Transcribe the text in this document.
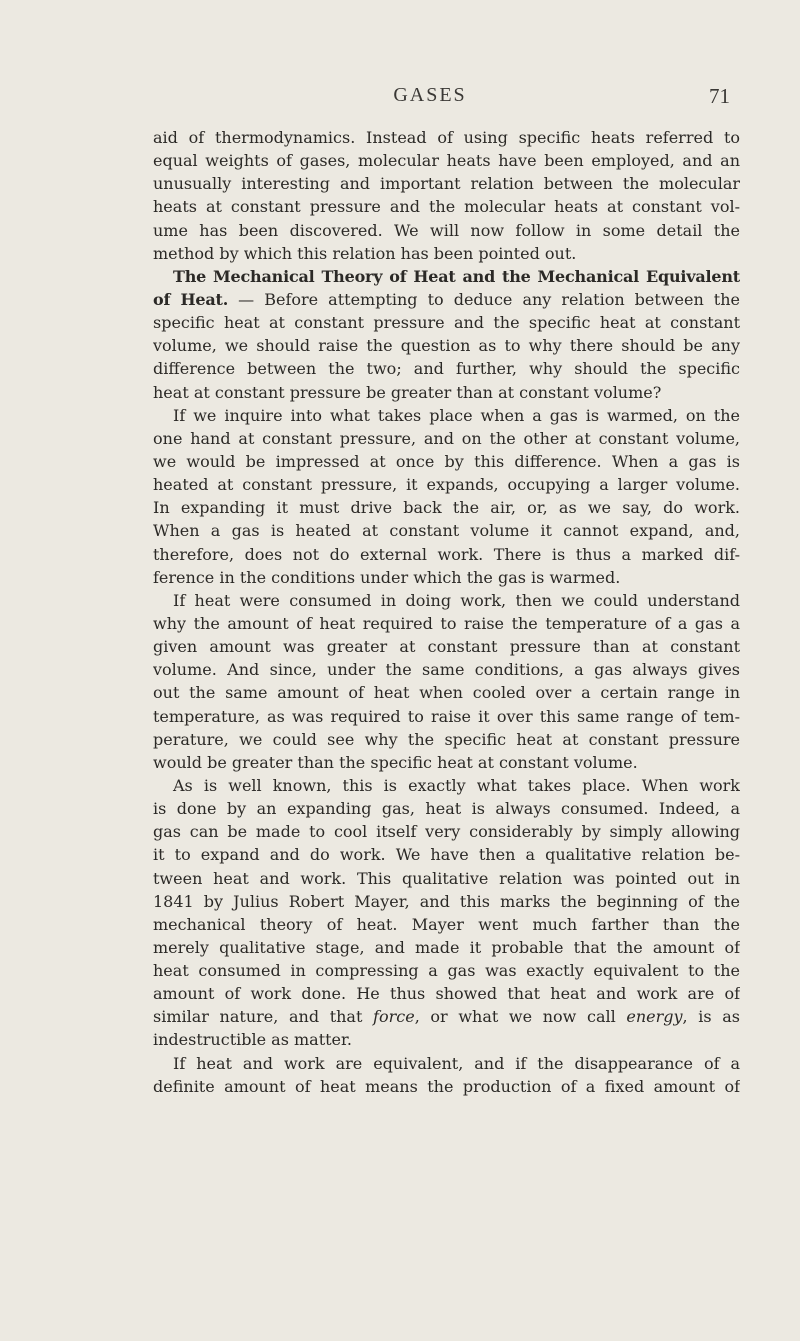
GASES	71
aid of thermodynamics. Instead of using specific heats referred to
equal weights of gases, molecular heats have been employed, and an
unusually interesting and important relation between the molecular
heats at constant pressure and the molecular heats at constant vol-
ume has been discovered. We will now follow in some detail the
method by which this relation has been pointed out.
The Mechanical Theory of Heat and the Mechanical Equivalent
of Heat. — Before attempting to deduce any relation between the
specific heat at constant pressure and the specific heat at constant
volume, we should raise the question as to why there should be any
difference between the two; and further, why should the specific
heat at constant pressure be greater than at constant volume?
If we inquire into what takes place when a gas is warmed, on the
one hand at constant pressure, and on the other at constant volume,
we would be impressed at once by this difference. When a gas is
heated at constant pressure, it expands, occupying a larger volume.
In expanding it must drive back the air, or, as we say, do work.
When a gas is heated at constant volume it cannot expand, and,
therefore, does not do external work. There is thus a marked dif-
ference in the conditions under which the gas is warmed.
If heat were consumed in doing work, then we could understand
why the amount of heat required to raise the temperature of a gas a
given amount was greater at constant pressure than at constant
volume. And since, under the same conditions, a gas always gives
out the same amount of heat when cooled over a certain range in
temperature, as was required to raise it over this same range of tem-
perature, we could see why the specific heat at constant pressure
would be greater than the specific heat at constant volume.
As is well known, this is exactly what takes place. When work
is done by an expanding gas, heat is always consumed. Indeed, a
gas can be made to cool itself very considerably by simply allowing
it to expand and do work. We have then a qualitative relation be-
tween heat and work. This qualitative relation was pointed out in
1841 by Julius Robert Mayer, and this marks the beginning of the
mechanical theory of heat. Mayer went much farther than the
merely qualitative stage, and made it probable that the amount of
heat consumed in compressing a gas was exactly equivalent to the
amount of work done. He thus showed that heat and work are of
similar nature, and that force, or what we now call energy, is as
indestructible as matter.
If heat and work are equivalent, and if the disappearance of a
definite amount of heat means the production of a fixed amount of
